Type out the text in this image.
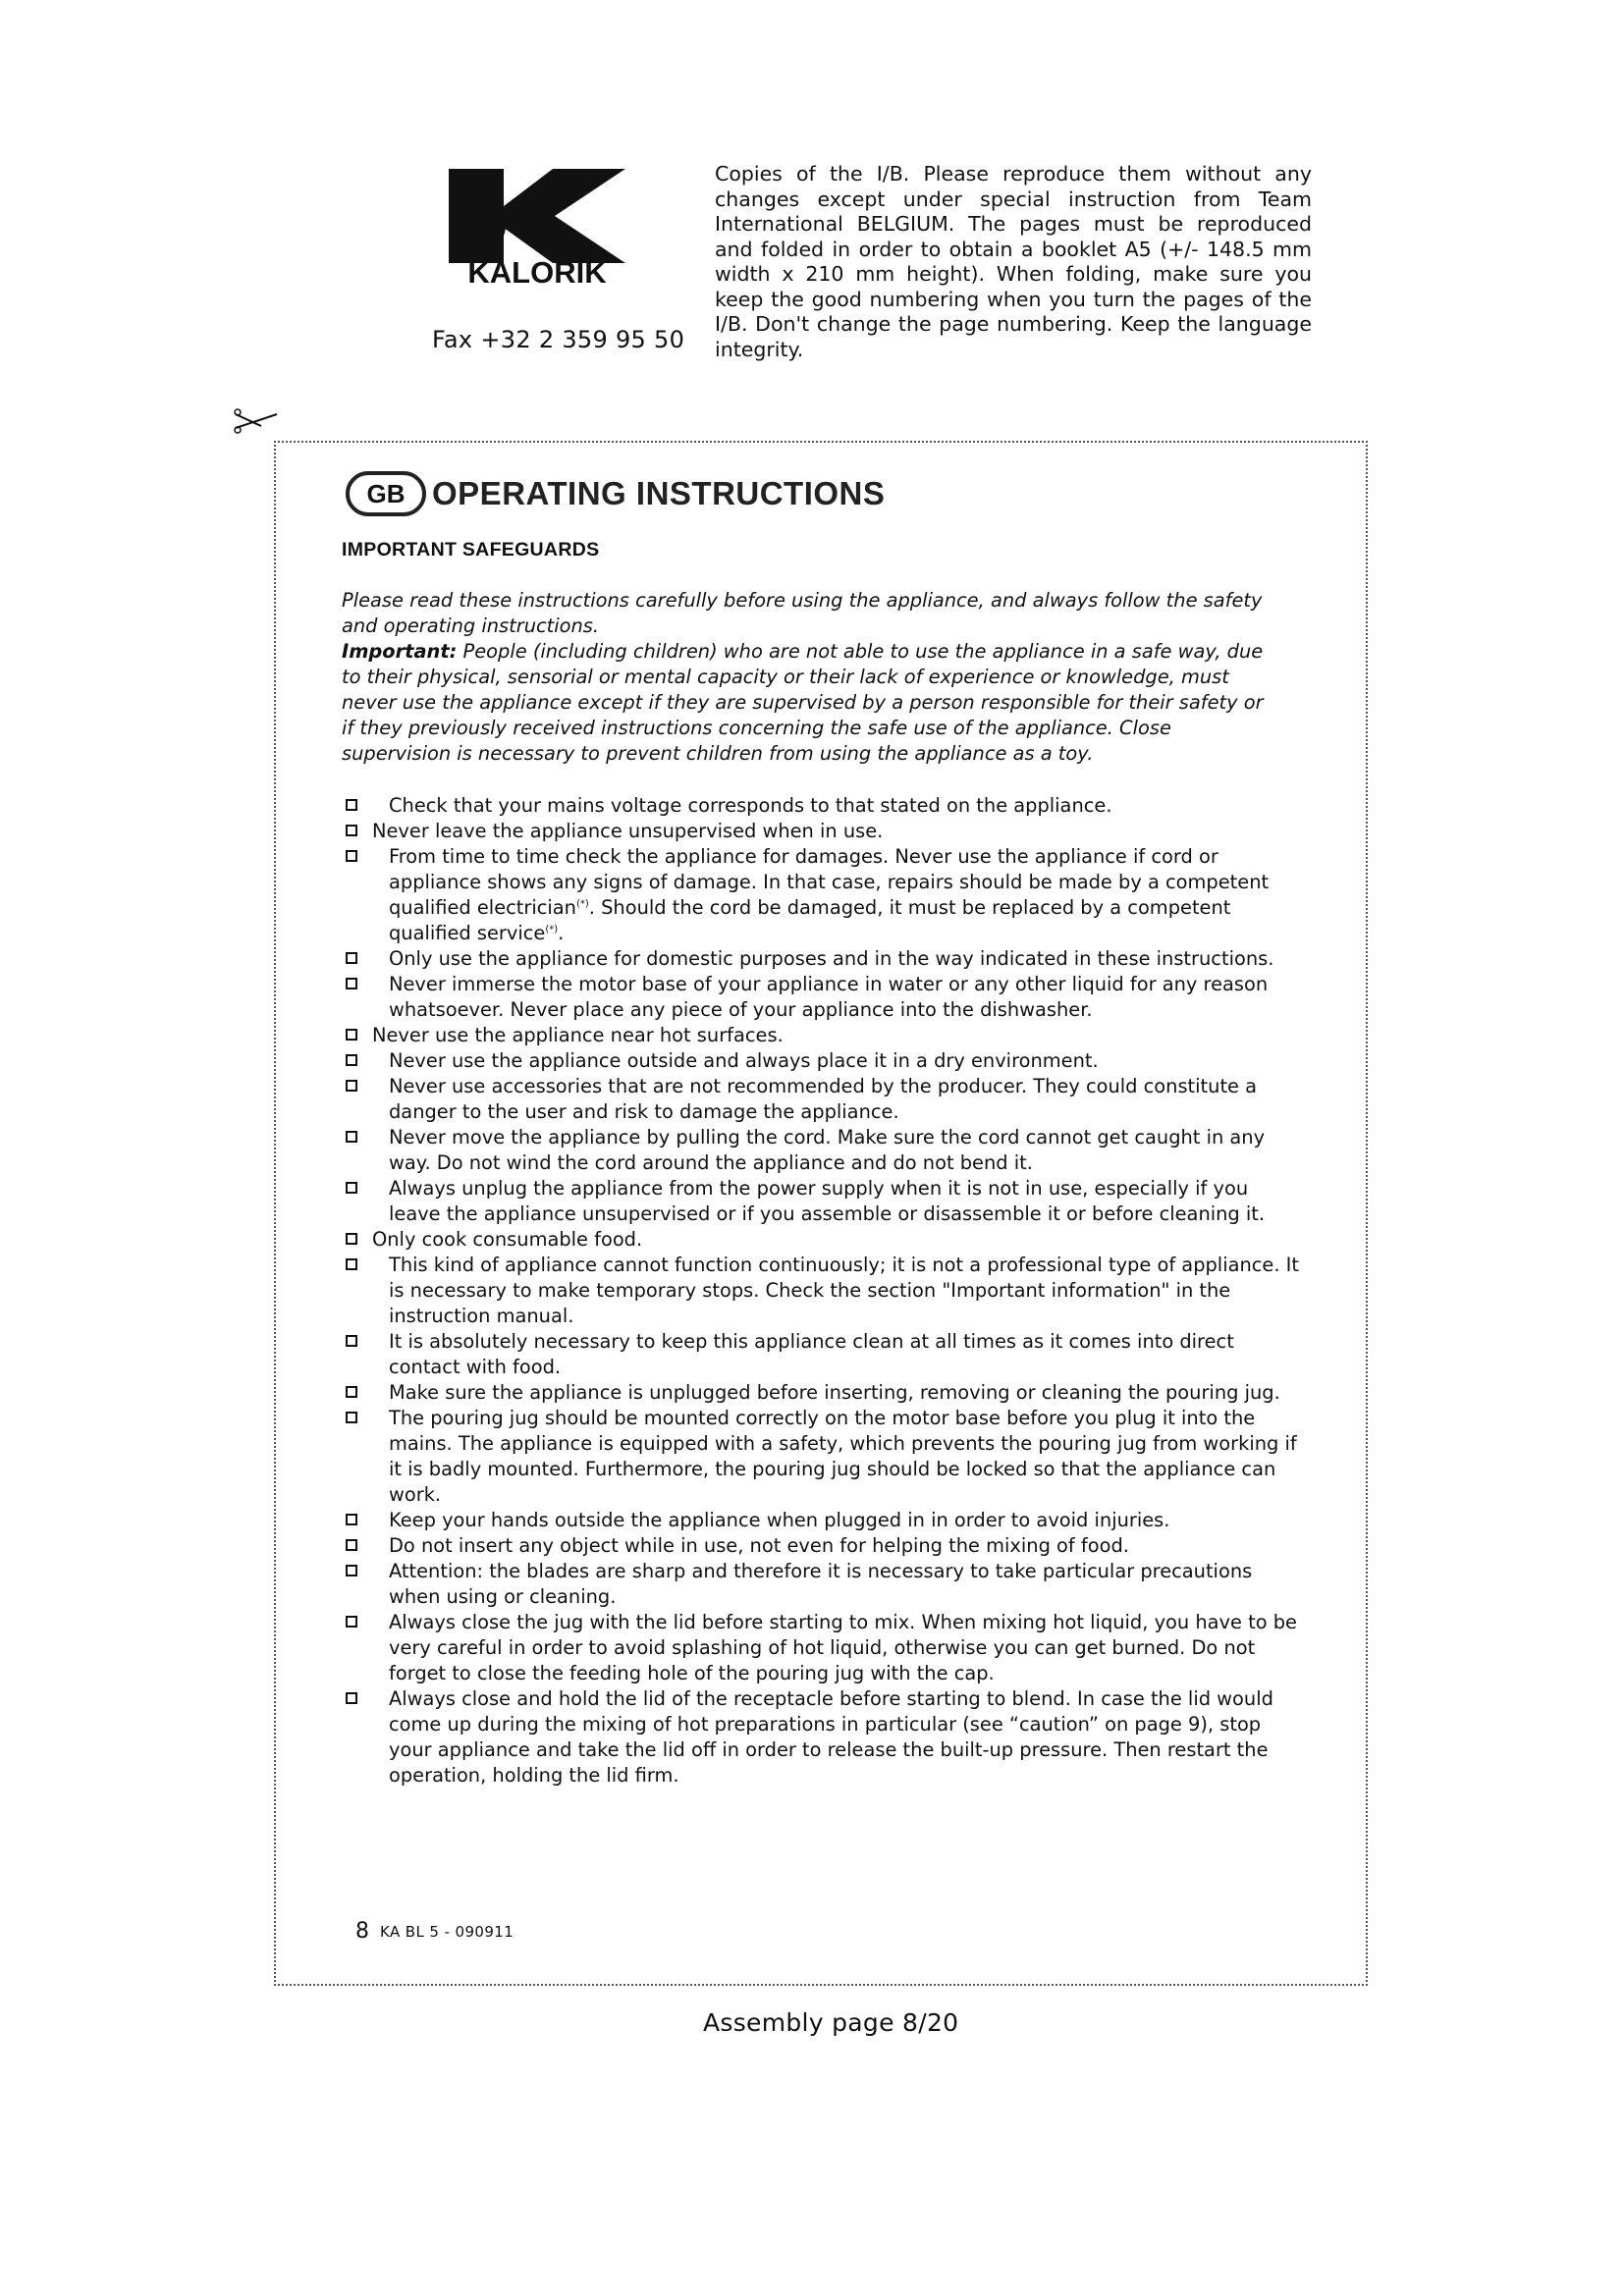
KALORIK
Fax +32 2 359 95 50
Copies of the I/B. Please reproduce them without any changes except under special instruction from Team International BELGIUM. The pages must be reproduced and folded in order to obtain a booklet A5 (+/- 148.5 mm width x 210 mm height). When folding, make sure you keep the good numbering when you turn the pages of the I/B. Don't change the page numbering. Keep the language integrity.
GB OPERATING INSTRUCTIONS
IMPORTANT SAFEGUARDS
Please read these instructions carefully before using the appliance, and always follow the safety and operating instructions.
Important: People (including children) who are not able to use the appliance in a safe way, due to their physical, sensorial or mental capacity or their lack of experience or knowledge, must never use the appliance except if they are supervised by a person responsible for their safety or if they previously received instructions concerning the safe use of the appliance. Close supervision is necessary to prevent children from using the appliance as a toy.
Check that your mains voltage corresponds to that stated on the appliance.
Never leave the appliance unsupervised when in use.
From time to time check the appliance for damages. Never use the appliance if cord or appliance shows any signs of damage. In that case, repairs should be made by a competent qualified electrician(*). Should the cord be damaged, it must be replaced by a competent qualified service(*).
Only use the appliance for domestic purposes and in the way indicated in these instructions.
Never immerse the motor base of your appliance in water or any other liquid for any reason whatsoever. Never place any piece of your appliance into the dishwasher.
Never use the appliance near hot surfaces.
Never use the appliance outside and always place it in a dry environment.
Never use accessories that are not recommended by the producer. They could constitute a danger to the user and risk to damage the appliance.
Never move the appliance by pulling the cord. Make sure the cord cannot get caught in any way. Do not wind the cord around the appliance and do not bend it.
Always unplug the appliance from the power supply when it is not in use, especially if you leave the appliance unsupervised or if you assemble or disassemble it or before cleaning it.
Only cook consumable food.
This kind of appliance cannot function continuously; it is not a professional type of appliance. It is necessary to make temporary stops. Check the section "Important information" in the instruction manual.
It is absolutely necessary to keep this appliance clean at all times as it comes into direct contact with food.
Make sure the appliance is unplugged before inserting, removing or cleaning the pouring jug.
The pouring jug should be mounted correctly on the motor base before you plug it into the mains. The appliance is equipped with a safety, which prevents the pouring jug from working if it is badly mounted. Furthermore, the pouring jug should be locked so that the appliance can work.
Keep your hands outside the appliance when plugged in in order to avoid injuries.
Do not insert any object while in use, not even for helping the mixing of food.
Attention: the blades are sharp and therefore it is necessary to take particular precautions when using or cleaning.
Always close the jug with the lid before starting to mix. When mixing hot liquid, you have to be very careful in order to avoid splashing of hot liquid, otherwise you can get burned. Do not forget to close the feeding hole of the pouring jug with the cap.
Always close and hold the lid of the receptacle before starting to blend. In case the lid would come up during the mixing of hot preparations in particular (see “caution” on page 9), stop your appliance and take the lid off in order to release the built-up pressure. Then restart the operation, holding the lid firm.
8 KA BL 5 - 090911
Assembly page 8/20
